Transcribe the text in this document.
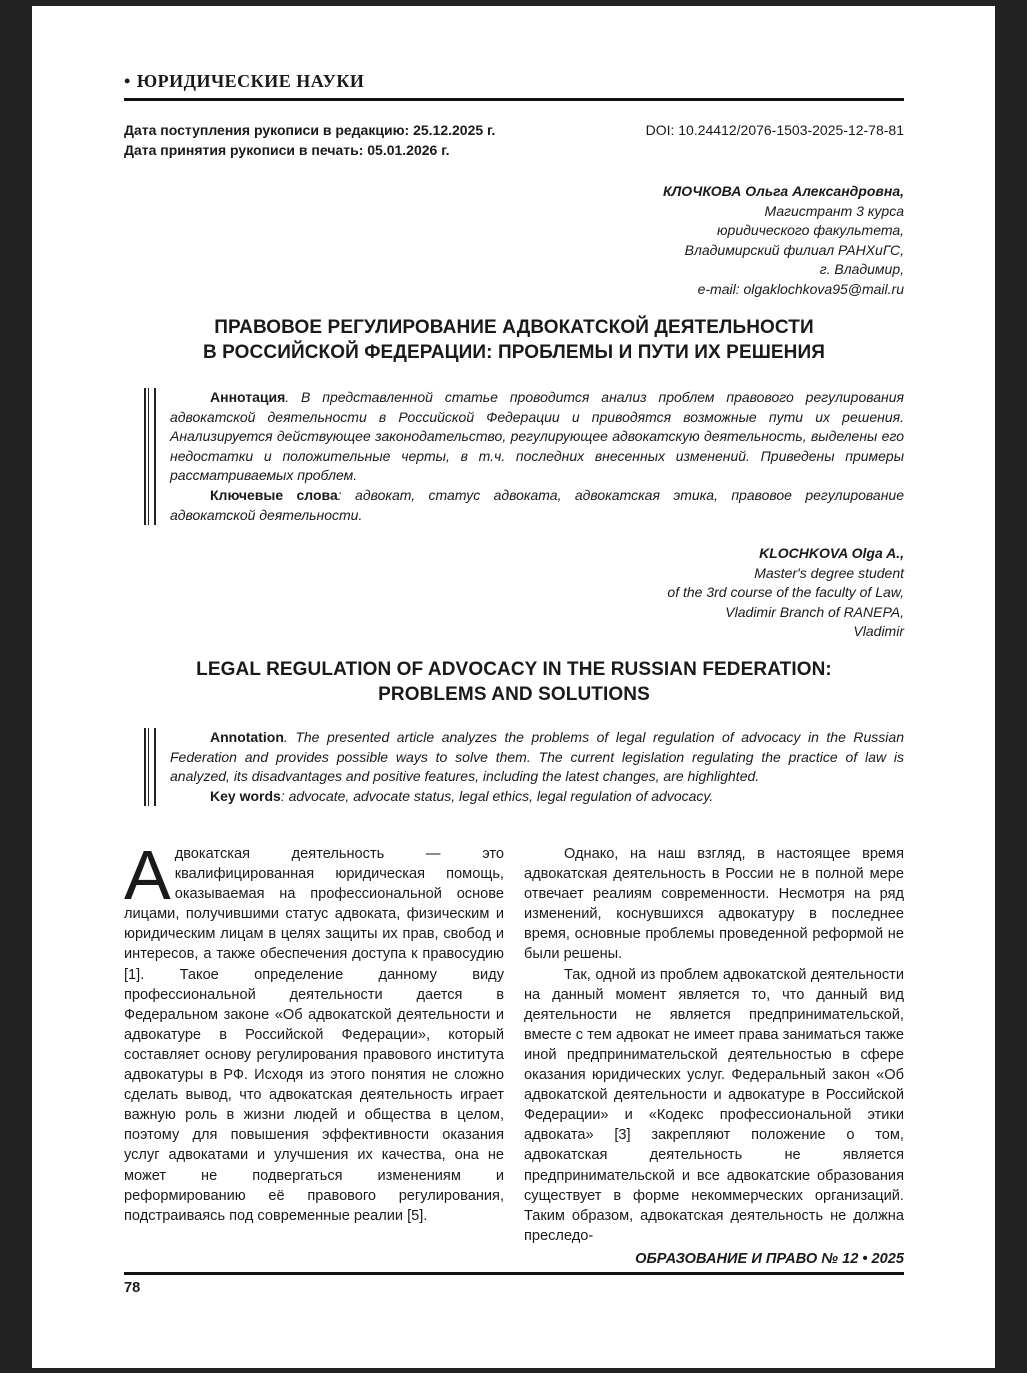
• ЮРИДИЧЕСКИЕ НАУКИ
Дата поступления рукописи в редакцию: 25.12.2025 г.
Дата принятия рукописи в печать: 05.01.2026 г.
DOI: 10.24412/2076-1503-2025-12-78-81
КЛОЧКОВА Ольга Александровна,
Магистрант 3 курса
юридического факультета,
Владимирский филиал РАНХиГС,
г. Владимир,
e-mail: olgaklochkova95@mail.ru
ПРАВОВОЕ РЕГУЛИРОВАНИЕ АДВОКАТСКОЙ ДЕЯТЕЛЬНОСТИ
В РОССИЙСКОЙ ФЕДЕРАЦИИ: ПРОБЛЕМЫ И ПУТИ ИХ РЕШЕНИЯ

Аннотация. В представленной статье проводится анализ проблем правового регулирования адвокатской деятельности в Российской Федерации и приводятся возможные пути их решения. Анализируется действующее законодательство, регулирующее адвокатскую деятельность, выделены его недостатки и положительные черты, в т.ч. последних внесенных изменений. Приведены примеры рассматриваемых проблем.

Ключевые слова: адвокат, статус адвоката, адвокатская этика, правовое регулирование адвокатской деятельности.

KLOCHKOVA Olga A.,
Master's degree student
of the 3rd course of the faculty of Law,
Vladimir Branch of RANEPA,
Vladimir
LEGAL REGULATION OF ADVOCACY IN THE RUSSIAN FEDERATION:
PROBLEMS AND SOLUTIONS

Annotation. The presented article analyzes the problems of legal regulation of advocacy in the Russian Federation and provides possible ways to solve them. The current legislation regulating the practice of law is analyzed, its disadvantages and positive features, including the latest changes, are highlighted.

Key words: advocate, advocate status, legal ethics, legal regulation of advocacy.

Адвокатская деятельность — это квалифицированная юридическая помощь, оказываемая на профессиональной основе лицами, получившими статус адвоката, физическим и юридическим лицам в целях защиты их прав, свобод и интересов, а также обеспечения доступа к правосудию [1]. Такое определение данному виду профессиональной деятельности дается в Федеральном законе «Об адвокатской деятельности и адвокатуре в Российской Федерации», который составляет основу регулирования правового института адвокатуры в РФ. Исходя из этого понятия не сложно сделать вывод, что адвокатская деятельность играет важную роль в жизни людей и общества в целом, поэтому для повышения эффективности оказания услуг адвокатами и улучшения их качества, она не может не подвергаться изменениям и реформированию её правового регулирования, подстраиваясь под современные реалии [5].

Однако, на наш взгляд, в настоящее время адвокатская деятельность в России не в полной мере отвечает реалиям современности. Несмотря на ряд изменений, коснувшихся адвокатуру в последнее время, основные проблемы проведенной реформой не были решены.

Так, одной из проблем адвокатской деятельности на данный момент является то, что данный вид деятельности не является предпринимательской, вместе с тем адвокат не имеет права заниматься также иной предпринимательской деятельностью в сфере оказания юридических услуг. Федеральный закон «Об адвокатской деятельности и адвокатуре в Российской Федерации» и «Кодекс профессиональной этики адвоката» [3] закрепляют положение о том, адвокатская деятельность не является предпринимательской и все адвокатские образования существует в форме некоммерческих организаций. Таким образом, адвокатская деятельность не должна преследо-

ОБРАЗОВАНИЕ И ПРАВО № 12 • 2025
78
